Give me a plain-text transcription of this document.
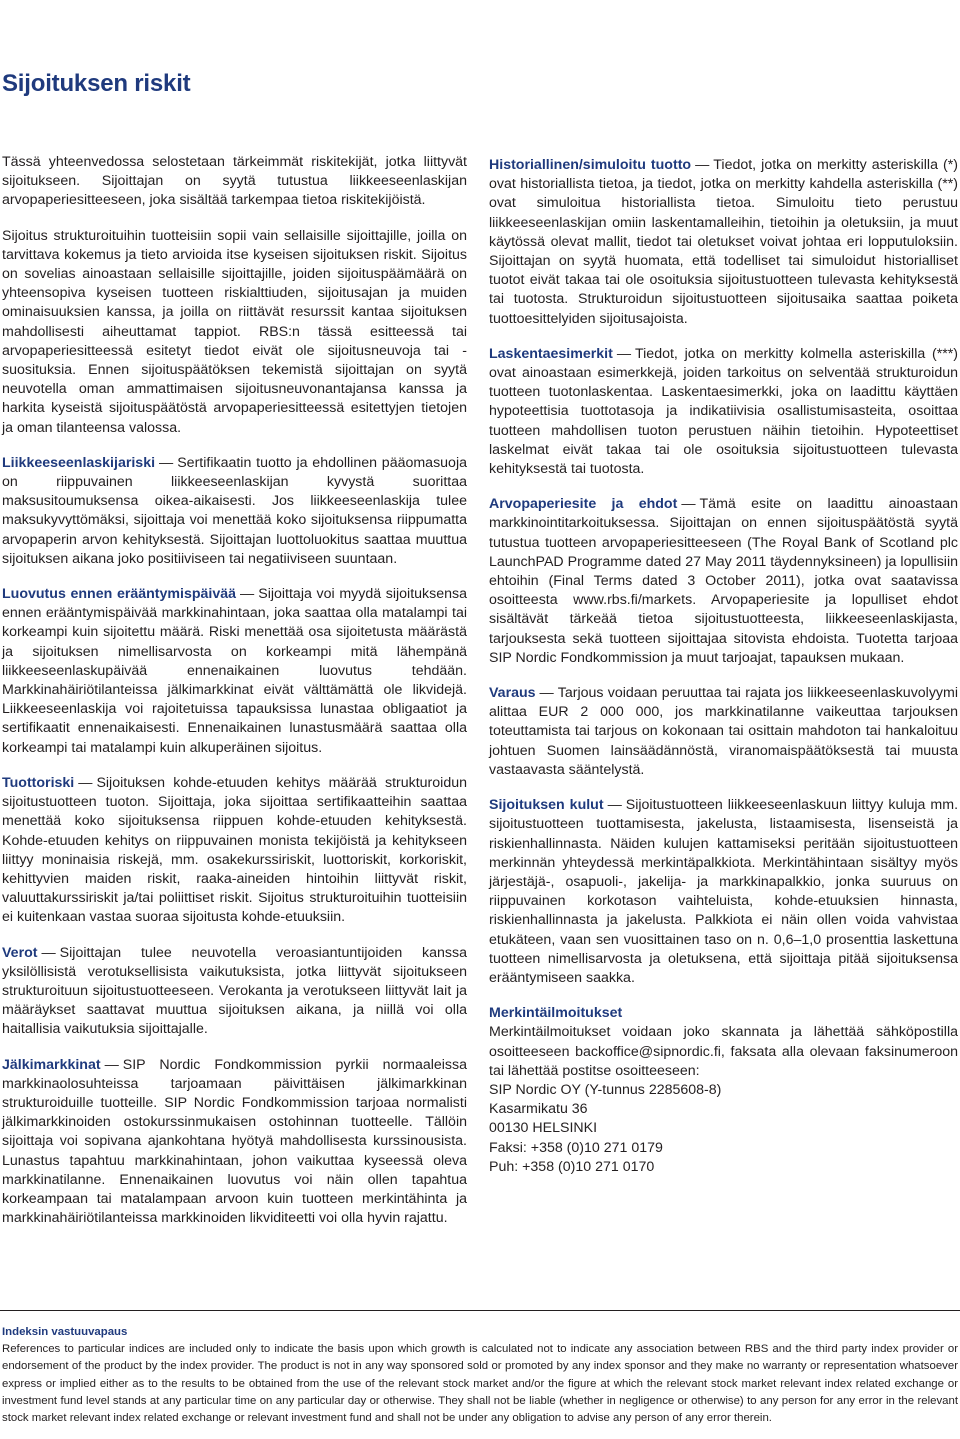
Sijoituksen riskit

Tässä yhteenvedossa selostetaan tärkeimmät riskitekijät, jotka liittyvät sijoitukseen. Sijoittajan on syytä tutustua liikkeeseenlaskijan arvopaperiesitteeseen, joka sisältää tarkempaa tietoa riskitekijöistä.

Sijoitus strukturoituihin tuotteisiin sopii vain sellaisille sijoittajille, joilla on tarvittava kokemus ja tieto arvioida itse kyseisen sijoituksen riskit. Sijoitus on sovelias ainoastaan sellaisille sijoittajille, joiden sijoituspäämäärä on yhteensopiva kyseisen tuotteen riskialttiuden, sijoitusajan ja muiden ominaisuuksien kanssa, ja joilla on riittävät resurssit kantaa sijoituksen mahdollisesti aiheuttamat tappiot. RBS:n tässä esitteessä tai arvopaperiesitteessä esitetyt tiedot eivät ole sijoitusneuvoja tai -suosituksia. Ennen sijoituspäätöksen tekemistä sijoittajan on syytä neuvotella oman ammattimaisen sijoitusneuvonantajansa kanssa ja harkita kyseistä sijoituspäätöstä arvopaperiesitteessä esitettyjen tietojen ja oman tilanteensa valossa.

Liikkeeseenlaskijariski — Sertifikaatin tuotto ja ehdollinen pääomasuoja on riippuvainen liikkeeseenlaskijan kyvystä suorittaa maksusitoumuksensa oikea-aikaisesti. Jos liikkeeseenlaskija tulee maksukyvyttömäksi, sijoittaja voi menettää koko sijoituksensa riippumatta arvopaperin arvon kehityksestä. Sijoittajan luottoluokitus saattaa muuttua sijoituksen aikana joko positiiviseen tai negatiiviseen suuntaan.

Luovutus ennen erääntymispäivää — Sijoittaja voi myydä sijoituksensa ennen erääntymispäivää markkinahintaan, joka saattaa olla matalampi tai korkeampi kuin sijoitettu määrä. Riski menettää osa sijoitetusta määrästä ja sijoituksen nimellisarvosta on korkeampi mitä lähempänä liikkeeseenlaskupäivää ennenaikainen luovutus tehdään. Markkinahäiriötilanteissa jälkimarkkinat eivät välttämättä ole likvidejä. Liikkeeseenlaskija voi rajoitetuissa tapauksissa lunastaa obligaatiot ja sertifikaatit ennenaikaisesti. Ennenaikainen lunastusmäärä saattaa olla korkeampi tai matalampi kuin alkuperäinen sijoitus.

Tuottoriski — Sijoituksen kohde-etuuden kehitys määrää strukturoidun sijoitustuotteen tuoton. Sijoittaja, joka sijoittaa sertifikaatteihin saattaa menettää koko sijoituksensa riippuen kohde-etuuden kehityksestä. Kohde-etuuden kehitys on riippuvainen monista tekijöistä ja kehitykseen liittyy moninaisia riskejä, mm. osakekurssiriskit, luottoriskit, korkoriskit, kehittyvien maiden riskit, raaka-aineiden hintoihin liittyvät riskit, valuuttakurssiriskit ja/tai poliittiset riskit. Sijoitus strukturoituihin tuotteisiin ei kuitenkaan vastaa suoraa sijoitusta kohde-etuuksiin.

Verot — Sijoittajan tulee neuvotella veroasiantuntijoiden kanssa yksilöllisistä verotuksellisista vaikutuksista, jotka liittyvät sijoitukseen strukturoituun sijoitustuotteeseen. Verokanta ja verotukseen liittyvät lait ja määräykset saattavat muuttua sijoituksen aikana, ja niillä voi olla haitallisia vaikutuksia sijoittajalle.

Jälkimarkkinat — SIP Nordic Fondkommission pyrkii normaaleissa markkinaolosuhteissa tarjoamaan päivittäisen jälkimarkkinan strukturoiduille tuotteille. SIP Nordic Fondkommission tarjoaa normalisti jälkimarkkinoiden ostokurssinmukaisen ostohinnan tuotteelle. Tällöin sijoittaja voi sopivana ajankohtana hyötyä mahdollisesta kurssinousista. Lunastus tapahtuu markkinahintaan, johon vaikuttaa kyseessä oleva markkinatilanne. Ennenaikainen luovutus voi näin ollen tapahtua korkeampaan tai matalampaan arvoon kuin tuotteen merkintähinta ja markkinahäiriötilanteissa markkinoiden likviditeetti voi olla hyvin rajattu.

Historiallinen/simuloitu tuotto — Tiedot, jotka on merkitty asteriskilla (*) ovat historiallista tietoa, ja tiedot, jotka on merkitty kahdella asteriskilla (**) ovat simuloitua historiallista tietoa. Simuloitu tieto perustuu liikkeeseenlaskijan omiin laskentamalleihin, tietoihin ja oletuksiin, ja muut käytössä olevat mallit, tiedot tai oletukset voivat johtaa eri lopputuloksiin. Sijoittajan on syytä huomata, että todelliset tai simuloidut historialliset tuotot eivät takaa tai ole osoituksia sijoitustuotteen tulevasta kehityksestä tai tuotosta. Strukturoidun sijoitustuotteen sijoitusaika saattaa poiketa tuottoesittelyiden sijoitusajoista.

Laskentaesimerkit — Tiedot, jotka on merkitty kolmella asteriskilla (***) ovat ainoastaan esimerkkejä, joiden tarkoitus on selventää strukturoidun tuotteen tuotonlaskentaa. Laskentaesimerkki, joka on laadittu käyttäen hypoteettisia tuottotasoja ja indikatiivisia osallistumisasteita, osoittaa tuotteen mahdollisen tuoton perustuen näihin tietoihin. Hypoteettiset laskelmat eivät takaa tai ole osoituksia sijoitustuotteen tulevasta kehityksestä tai tuotosta.

Arvopaperiesite ja ehdot — Tämä esite on laadittu ainoastaan markkinointitarkoituksessa. Sijoittajan on ennen sijoituspäätöstä syytä tutustua tuotteen arvopaperiesitteeseen (The Royal Bank of Scotland plc LaunchPAD Programme dated 27 May 2011 täydennyksineen) ja lopullisiin ehtoihin (Final Terms dated 3 October 2011), jotka ovat saatavissa osoitteesta www.rbs.fi/markets. Arvopaperiesite ja lopulliset ehdot sisältävät tärkeää tietoa sijoitustuotteesta, liikkeeseenlaskijasta, tarjouksesta sekä tuotteen sijoittajaa sitovista ehdoista. Tuotetta tarjoaa SIP Nordic Fondkommission ja muut tarjoajat, tapauksen mukaan.

Varaus — Tarjous voidaan peruuttaa tai rajata jos liikkeeseenlaskuvolyymi alittaa EUR 2 000 000, jos markkinatilanne vaikeuttaa tarjouksen toteuttamista tai tarjous on kokonaan tai osittain mahdoton tai hankaloituu johtuen Suomen lainsäädännöstä, viranomaispäätöksestä tai muusta vastaavasta sääntelystä.

Sijoituksen kulut — Sijoitustuotteen liikkeeseenlaskuun liittyy kuluja mm. sijoitustuotteen tuottamisesta, jakelusta, listaamisesta, lisenseistä ja riskienhallinnasta. Näiden kulujen kattamiseksi peritään sijoitustuotteen merkinnän yhteydessä merkintäpalkkiota. Merkintähintaan sisältyy myös järjestäjä-, osapuoli-, jakelija- ja markkinapalkkio, jonka suuruus on riippuvainen korkotason vaihteluista, kohde-etuuksien hinnasta, riskienhallinnasta ja jakelusta. Palkkiota ei näin ollen voida vahvistaa etukäteen, vaan sen vuosittainen taso on n. 0,6–1,0 prosenttia laskettuna tuotteen nimellisarvosta ja oletuksena, että sijoittaja pitää sijoituksensa erääntymiseen saakka.

Merkintäilmoitukset
Merkintäilmoitukset voidaan joko skannata ja lähettää sähköpostilla osoitteeseen backoffice@sipnordic.fi, faksata alla olevaan faksinumeroon tai lähettää postitse osoitteeseen:
SIP Nordic OY (Y-tunnus 2285608-8)
Kasarmikatu 36
00130 HELSINKI
Faksi: +358 (0)10 271 0179
Puh: +358 (0)10 271 0170
Indeksin vastuuvapaus
References to particular indices are included only to indicate the basis upon which growth is calculated not to indicate any association between RBS and the third party index provider or endorsement of the product by the index provider. The product is not in any way sponsored sold or promoted by any index sponsor and they make no warranty or representation whatsoever express or implied either as to the results to be obtained from the use of the relevant stock market and/or the figure at which the relevant stock market relevant index related exchange or investment fund level stands at any particular time on any particular day or otherwise. They shall not be liable (whether in negligence or otherwise) to any person for any error in the relevant stock market relevant index related exchange or relevant investment fund and shall not be under any obligation to advise any person of any error therein.
